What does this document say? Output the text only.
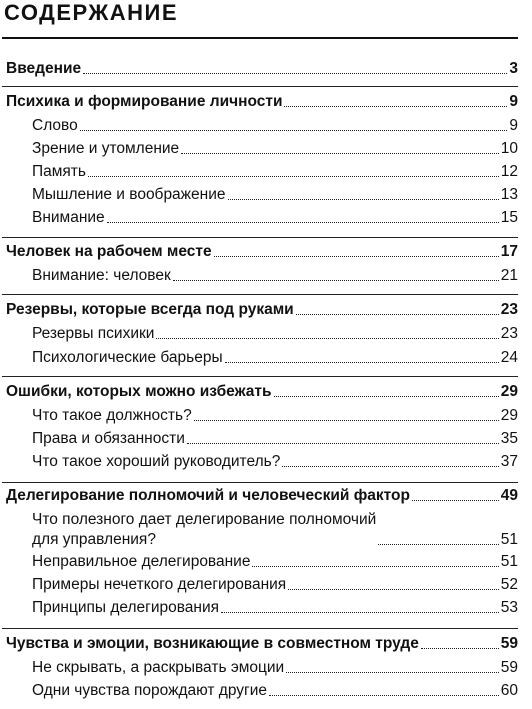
СОДЕРЖАНИЕ
Введение	3
Психика и формирование личности	9
Слово	9
Зрение и утомление	10
Память	12
Мышление и воображение	13
Внимание	15
Человек на рабочем месте	17
Внимание: человек	21
Резервы, которые всегда под руками	23
Резервы психики	23
Психологические барьеры	24
Ошибки, которых можно избежать	29
Что такое должность?	29
Права и обязанности	35
Что такое хороший руководитель?	37
Делегирование полномочий и человеческий фактор	49
Что полезного дает делегирование полномочий
для управления?	51
Неправильное делегирование	51
Примеры нечеткого делегирования	52
Принципы делегирования	53
Чувства и эмоции, возникающие в совместном труде	59
Не скрывать, а раскрывать эмоции	59
Одни чувства порождают другие	60
